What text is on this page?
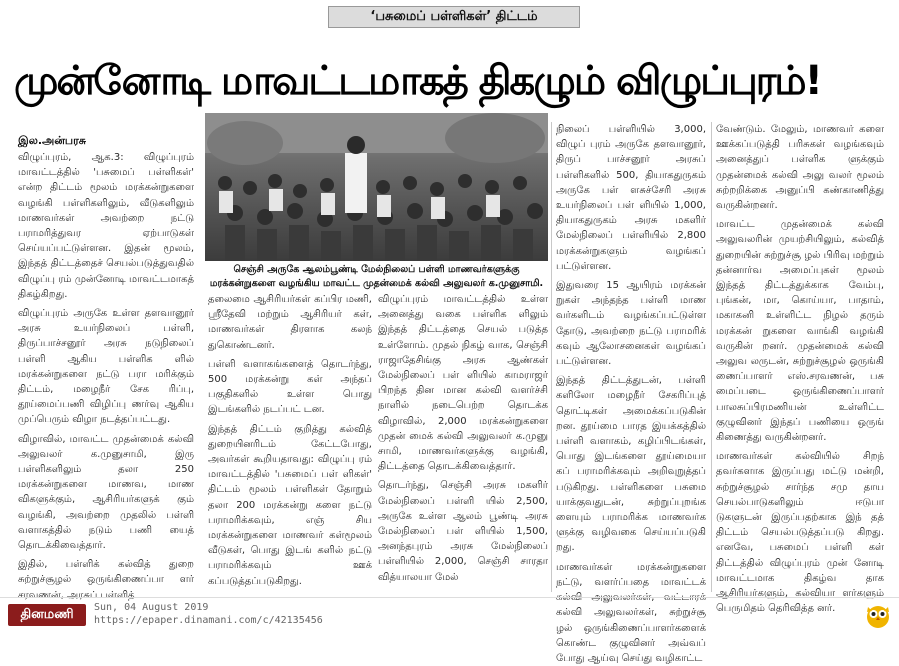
‘பசுமைப் பள்ளிகள்’ திட்டம்
முன்னோடி மாவட்டமாகத் திகழும் விழுப்புரம்!
இல.அன்பரசு

விழுப்புரம், ஆக.3: விழுப்புரம் மாவட்டத்தில் 'பசுமைப் பள்ளிகள்' என்ற திட்டம் மூலம் மரக்கன்றுகளை வழங்கி பள்ளிகளிலும், வீடுகளிலும் மாணவர்கள் அவற்றை நட்டு பராமரித்துவர ஏற்பாடுகள் செய்யப்பட்டுள்ளன. இதன் மூலம், இந்தத் திட்டத்தைச் செயல்படுத்துவதில் விழுப்பு ரம் முன்னோடி மாவட்டமாகத் திகழ்கிறது.

விழுப்புரம் அருகே உள்ள தளவானூர் அரசு உயர்நிலைப் பள்ளி, திருப்பாச்சனூர் அரசு நடுநிலைப் பள்ளி ஆகிய பள்ளிக ளில் மரக்கன்றுகளை நட்டு பரா மரிக்கும் திட்டம், மழைநீர் சேக ரிப்பு, தூய்மைப்பணி விழிப்பு ணர்வு ஆகிய முப்பெரும் விழா நடத்தப்பட்டது.

விழாவில், மாவட்ட முதன்மைக் கல்வி அலுவலர் க.முனுசாமி, இரு பள்ளிகளிலும் தலா 250 மரக்கன்றுகளை மாணவ, மாண விகளுக்கும், ஆசிரியர்களுக் கும் வழங்கி, அவற்றை முதலில் பள்ளி வளாகத்தில் நடும் பணி யைத் தொடக்கிவைத்தார்.

இதில், பள்ளிக் கல்வித் துறை சுற்றுச்சூழல் ஒருங்கிணைப்பா ளர் சரவணன், அரசுப் பள்ளித்

செஞ்சி அருகே ஆலம்பூண்டி மேல்நிலைப் பள்ளி மாணவர்களுக்கு மரக்கன்றுகளை வழங்கிய மாவட்ட முதன்மைக் கல்வி அலுவலர் க.முனுசாமி.

தலைமை ஆசிரியர்கள் கப்பிர மணி, ஸ்ரீதேவி மற்றும் ஆசிரியர் கள், மாணவர்கள் திரளாக கலந் துகொண்டனர்.

பள்ளி வளாகங்களைத் தொடர்ந்து, 500 மரக்கன்று கள் அந்தப் பகுதிகளில் உள்ள பொது இடங்களில் நடப்பட் டன.

இந்தத் திட்டம் குறித்து கல்வித் துறையினரிடம் கேட்டபோது, அவர்கள் கூறியதாவது: விழுப்பு ரம் மாவட்டத்தில் 'பசுமைப் பள் ளிகள்' திட்டம் மூலம் பள்ளிகள் தோறும் தலா 200 மரக்கன்று களை நட்டு பராமரிக்கவும், எஞ் சிய மரக்கன்றுகளை மாணவர் கள்மூலம் வீடுகள், பொது இடங் களில் நட்டு பராமரிக்கவும் ஊக் கப்படுத்தப்படுகிறது.

விழுப்புரம் மாவட்டத்தில் உள்ள அனைத்து வகை பள்ளிக ளிலும் இந்தத் திட்டத்தை செயல் படுத்த உள்ளோம். முதல் நிகழ் வாக, செஞ்சி ராஜாதேசிங்கு அரசு ஆண்கள் மேல்நிலைப் பள் ளியில் காமராஜர் பிறந்த தின மான கல்வி வளர்ச்சி நாளில் நடைபெற்ற தொடக்க விழாவில், 2,000 மரக்கன்றுகளை முதன் மைக் கல்வி அலுவலர் க.முனு சாமி, மாணவர்களுக்கு வழங்கி, திட்டத்தை தொடக்கிவைத்தார்.

தொடர்ந்து, செஞ்சி அரசு மகளிர் மேல்நிலைப் பள்ளி யில் 2,500, அருகே உள்ள ஆலம் பூண்டி அரசு மேல்நிலைப் பள் ளியில் 1,500, அனந்தபுரம் அரசு மேல்நிலைப் பள்ளியில் 2,000, செஞ்சி சாரதா வித்யாலயா மேல்

நிலைப் பள்ளியில் 3,000, விழுப் புரம் அருகே தளவானூர், திருப் பாச்சனூர் அரசுப் பள்ளிகளில் 500, தியாகதுருகம் அருகே பள் ளசுச்சேரி அரசு உயர்நிலைப் பள் ளியில் 1,000, தியாகதுருகம் அரசு மகளிர் மேல்நிலைப் பள்ளியில் 2,800 மரக்கன்றுகளும் வழங்கப் பட்டுள்ளன.

இதுவரை 15 ஆயிரம் மரக்கன் றுகள் அந்தந்த பள்ளி மாண வர்களிடம் வழங்கப்பட்டுள்ள தோடு, அவற்றை நட்டு பராமரிக் கவும் ஆலோசனைகள் வழங்கப் பட்டுள்ளன.

இந்தத் திட்டத்துடன், பள்ளி களிலோ மழைநீர் சேகரிப்புத் தொட்டிகள் அமைக்கப்படுகின் றன. தூய்மை பாரத இயக்கத்தில் பள்ளி வளாகம், கழிப்பிடங்கள், பொது இடங்களை தூய்மையா கப் பராமரிக்கவும் அறிவுறுத்தப் படுகிறது. பள்ளிகளை பசுமை யாக்குவதுடன், சுற்றுப்புறங்க ளையும் பராமரிக்க மாணவர்க ளுக்கு வழிவகை செய்யப்படுகி றது.

மாணவர்கள் மரக்கன்றுகளை நட்டு, வளர்ப்பதை மாவட்டக் கல்வி அலுவலர்கள், வட்டாரக் கல்வி அலுவலர்கள், சுற்றுச்சூ ழல் ஒருங்கிணைப்பாளர்களைக் கொண்ட குழுவினர் அவ்வப் போது ஆய்வு செய்து வழிகாட்ட

வேண்டும். மேலும், மாணவர் களை ஊக்கப்படுத்தி பரிசுகள் வழங்கவும் அனைத்துப் பள்ளிக ளுக்கும் முதன்மைக் கல்வி அலு வலர் மூலம் சுற்றறிக்கை அனுப்பி கண்காணித்து வருகின்றனர்.

மாவட்ட முதன்மைக் கல்வி அலுவலரின் முயற்சியிலும், கல்வித் துறையின் சுற்றுச்சூ ழல் பிரிவு மற்றும் தன்னார்வ அமைப்புகள் மூலம் இந்தத் திட்டத்துக்காக வேம்பு, புங்கன், மா, கொய்யா, பாதாம், மகாகனி உள்ளிட்ட நிழல் தரும் மரக்கன் றுகளை வாங்கி வழங்கி வருகின் றனர். முதன்மைக் கல்வி அலுவ லருடன், சுற்றுச்சூழல் ஒருங்கி ணைப்பாளர் எஸ்.சரவணன், பசு மைப்படை ஒருங்கிணைப்பாளர் பாலசுப்பிரமணியன் உள்ளிட்ட குழுவினர் இந்தப் பணியை ஒருங் கிணைத்து வருகின்றனர்.

மாணவர்கள் கல்வியில் சிறந் தவர்களாக இருப்பது மட்டு மன்றி, சுற்றுச்சூழல் சார்ந்த சமு தாய செயல்பாடுகளிலும் ஈடுபா டுகளுடன் இருப்பதற்காக இந் தத் திட்டம் செயல்படுத்தப்படு கிறது. எனவே, பசுமைப் பள்ளி கள் திட்டத்தில் விழுப்புரம் முன் னோடி மாவட்டமாக திகழ்வ தாக ஆசிரியர்களும், கல்வியா ளர்களும் பெருமிதம் தெரிவித்த னர்.

தினமணி	Sun, 04 August 2019
https://epaper.dinamani.com/c/42135456
